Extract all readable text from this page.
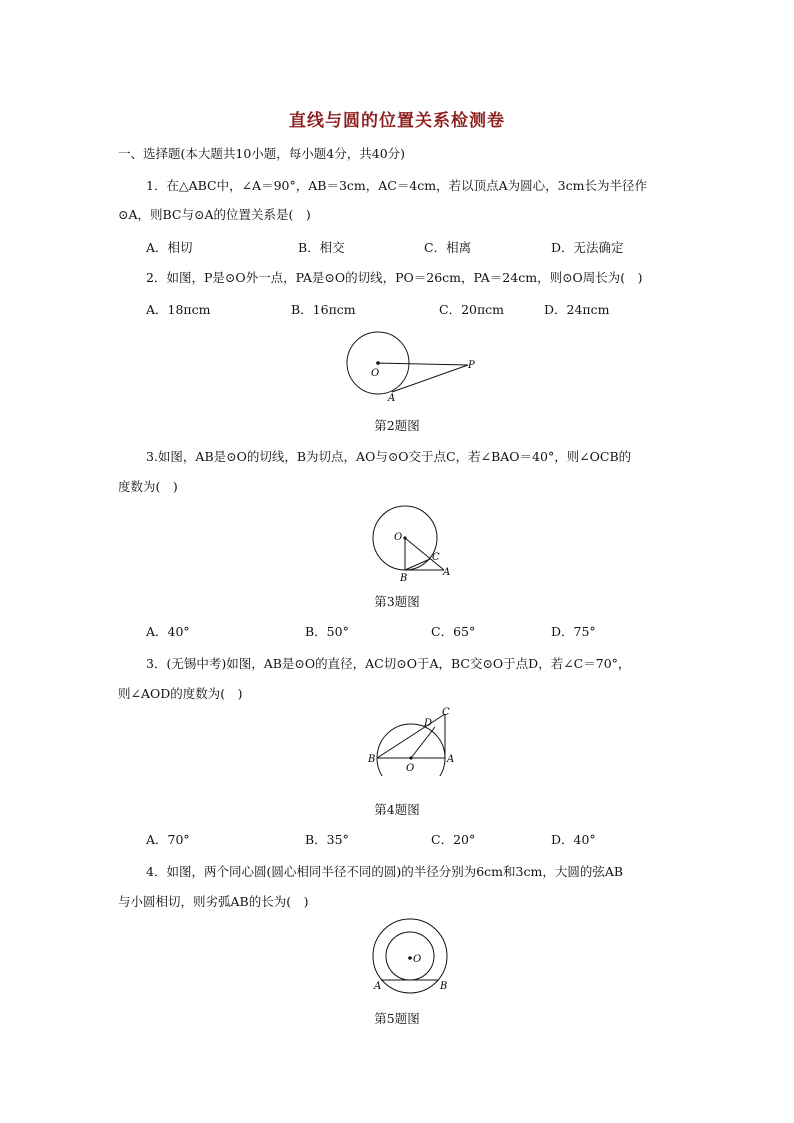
直线与圆的位置关系检测卷
一、选择题(本大题共10小题，每小题4分，共40分)
1．在△ABC中，∠A＝90°，AB＝3cm，AC＝4cm，若以顶点A为圆心，3cm长为半径作
⊙A，则BC与⊙A的位置关系是(　)
A．相切	B．相交	C．相离	D．无法确定
2．如图，P是⊙O外一点，PA是⊙O的切线，PO＝26cm，PA＝24cm，则⊙O周长为(　)
A．18πcm	B．16πcm	C．20πcm	D．24πcm
O
P
A
第2题图
3.如图，AB是⊙O的切线，B为切点，AO与⊙O交于点C，若∠BAO＝40°，则∠OCB的
度数为(　)
O
C
B
A
第3题图
A．40°	B．50°	C．65°	D．75°
3．(无锡中考)如图，AB是⊙O的直径，AC切⊙O于A，BC交⊙O于点D，若∠C＝70°，
则∠AOD的度数为(　)
D
C
B
O
A
第4题图
A．70°	B．35°	C．20°	D．40°
4．如图，两个同心圆(圆心相同半径不同的圆)的半径分别为6cm和3cm，大圆的弦AB
与小圆相切，则劣弧AB的长为(　)
O
A	B
第5题图
